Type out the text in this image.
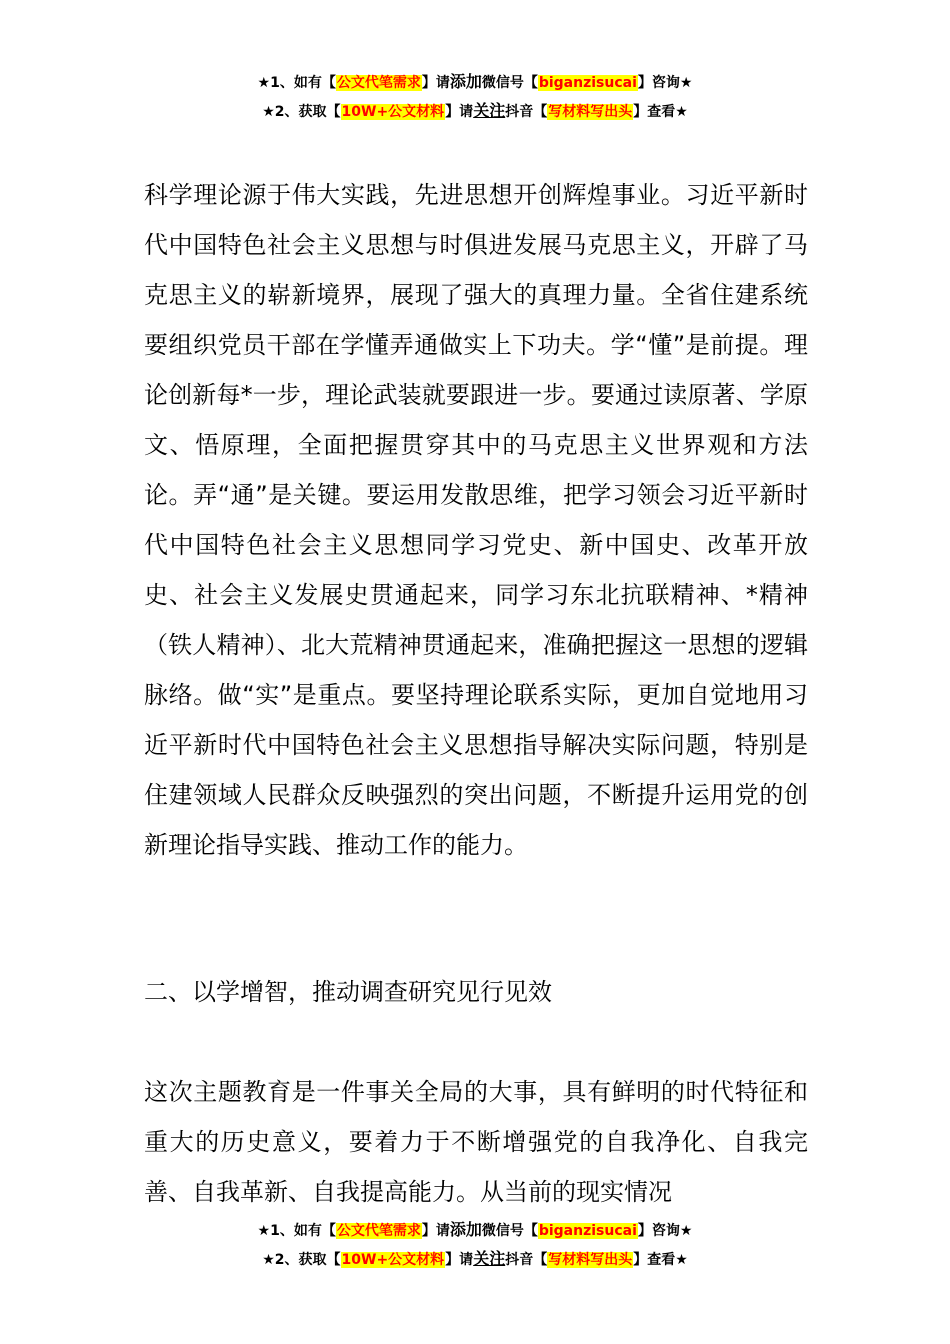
★1、如有【公文代笔需求】请添加微信号【biganzisucai】咨询★
★2、获取【10W+公文材料】请关注抖音【写材料写出头】查看★

科学理论源于伟大实践，先进思想开创辉煌事业。习近平新时代中国特色社会主义思想与时俱进发展马克思主义，开辟了马克思主义的崭新境界，展现了强大的真理力量。全省住建系统要组织党员干部在学懂弄通做实上下功夫。学“懂”是前提。理论创新每*一步，理论武装就要跟进一步。要通过读原著、学原文、悟原理，全面把握贯穿其中的马克思主义世界观和方法论。弄“通”是关键。要运用发散思维，把学习领会习近平新时代中国特色社会主义思想同学习党史、新中国史、改革开放史、社会主义发展史贯通起来，同学习东北抗联精神、*精神（铁人精神）、北大荒精神贯通起来，准确把握这一思想的逻辑脉络。做“实”是重点。要坚持理论联系实际，更加自觉地用习近平新时代中国特色社会主义思想指导解决实际问题，特别是住建领域人民群众反映强烈的突出问题，不断提升运用党的创新理论指导实践、推动工作的能力。

二、以学增智，推动调查研究见行见效

这次主题教育是一件事关全局的大事，具有鲜明的时代特征和重大的历史意义，要着力于不断增强党的自我净化、自我完善、自我革新、自我提高能力。从当前的现实情况

★1、如有【公文代笔需求】请添加微信号【biganzisucai】咨询★
★2、获取【10W+公文材料】请关注抖音【写材料写出头】查看★
